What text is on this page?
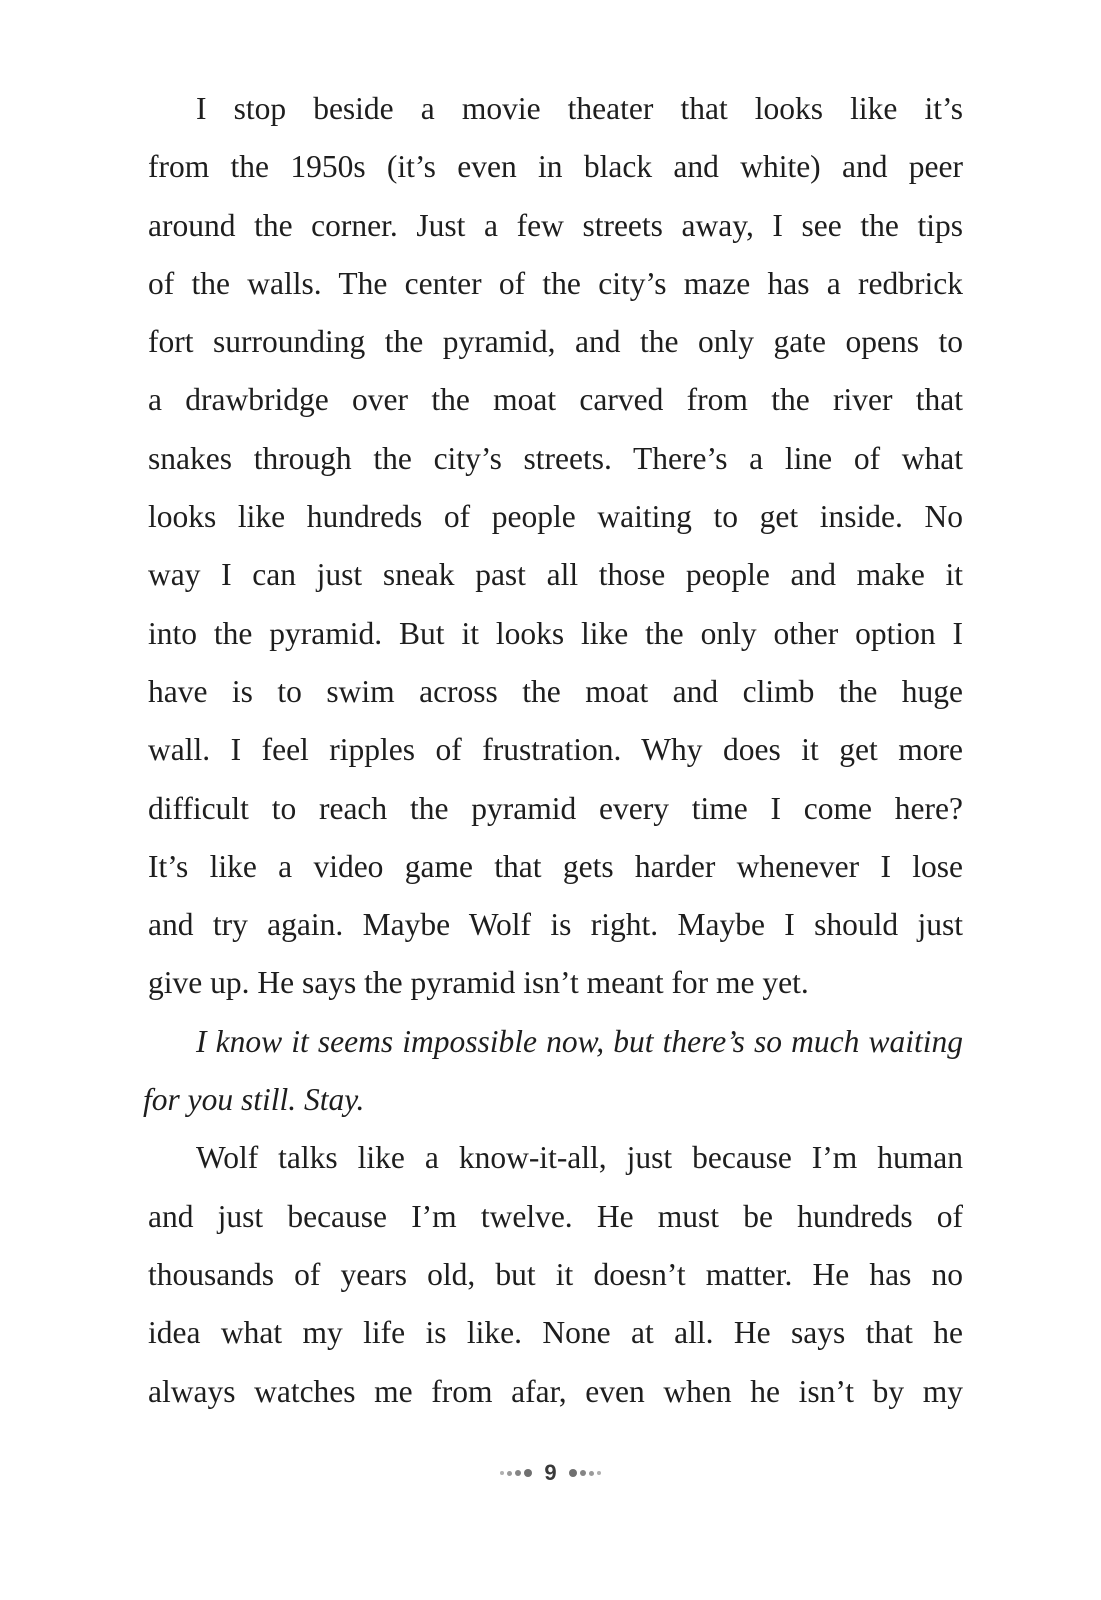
I stop beside a movie theater that looks like it’s
from the 1950s (it’s even in black and white) and peer
around the corner. Just a few streets away, I see the tips
of the walls. The center of the city’s maze has a redbrick
fort surrounding the pyramid, and the only gate opens to
a drawbridge over the moat carved from the river that
snakes through the city’s streets. There’s a line of what
looks like hundreds of people waiting to get inside. No
way I can just sneak past all those people and make it
into the pyramid. But it looks like the only other option I
have is to swim across the moat and climb the huge
wall. I feel ripples of frustration. Why does it get more
difficult to reach the pyramid every time I come here?
It’s like a video game that gets harder whenever I lose
and try again. Maybe Wolf is right. Maybe I should just
give up. He says the pyramid isn’t meant for me yet.
I know it seems impossible now, but there’s so much waiting
for you still. Stay.
Wolf talks like a know-it-all, just because I’m human
and just because I’m twelve. He must be hundreds of
thousands of years old, but it doesn’t matter. He has no
idea what my life is like. None at all. He says that he
always watches me from afar, even when he isn’t by my
9
